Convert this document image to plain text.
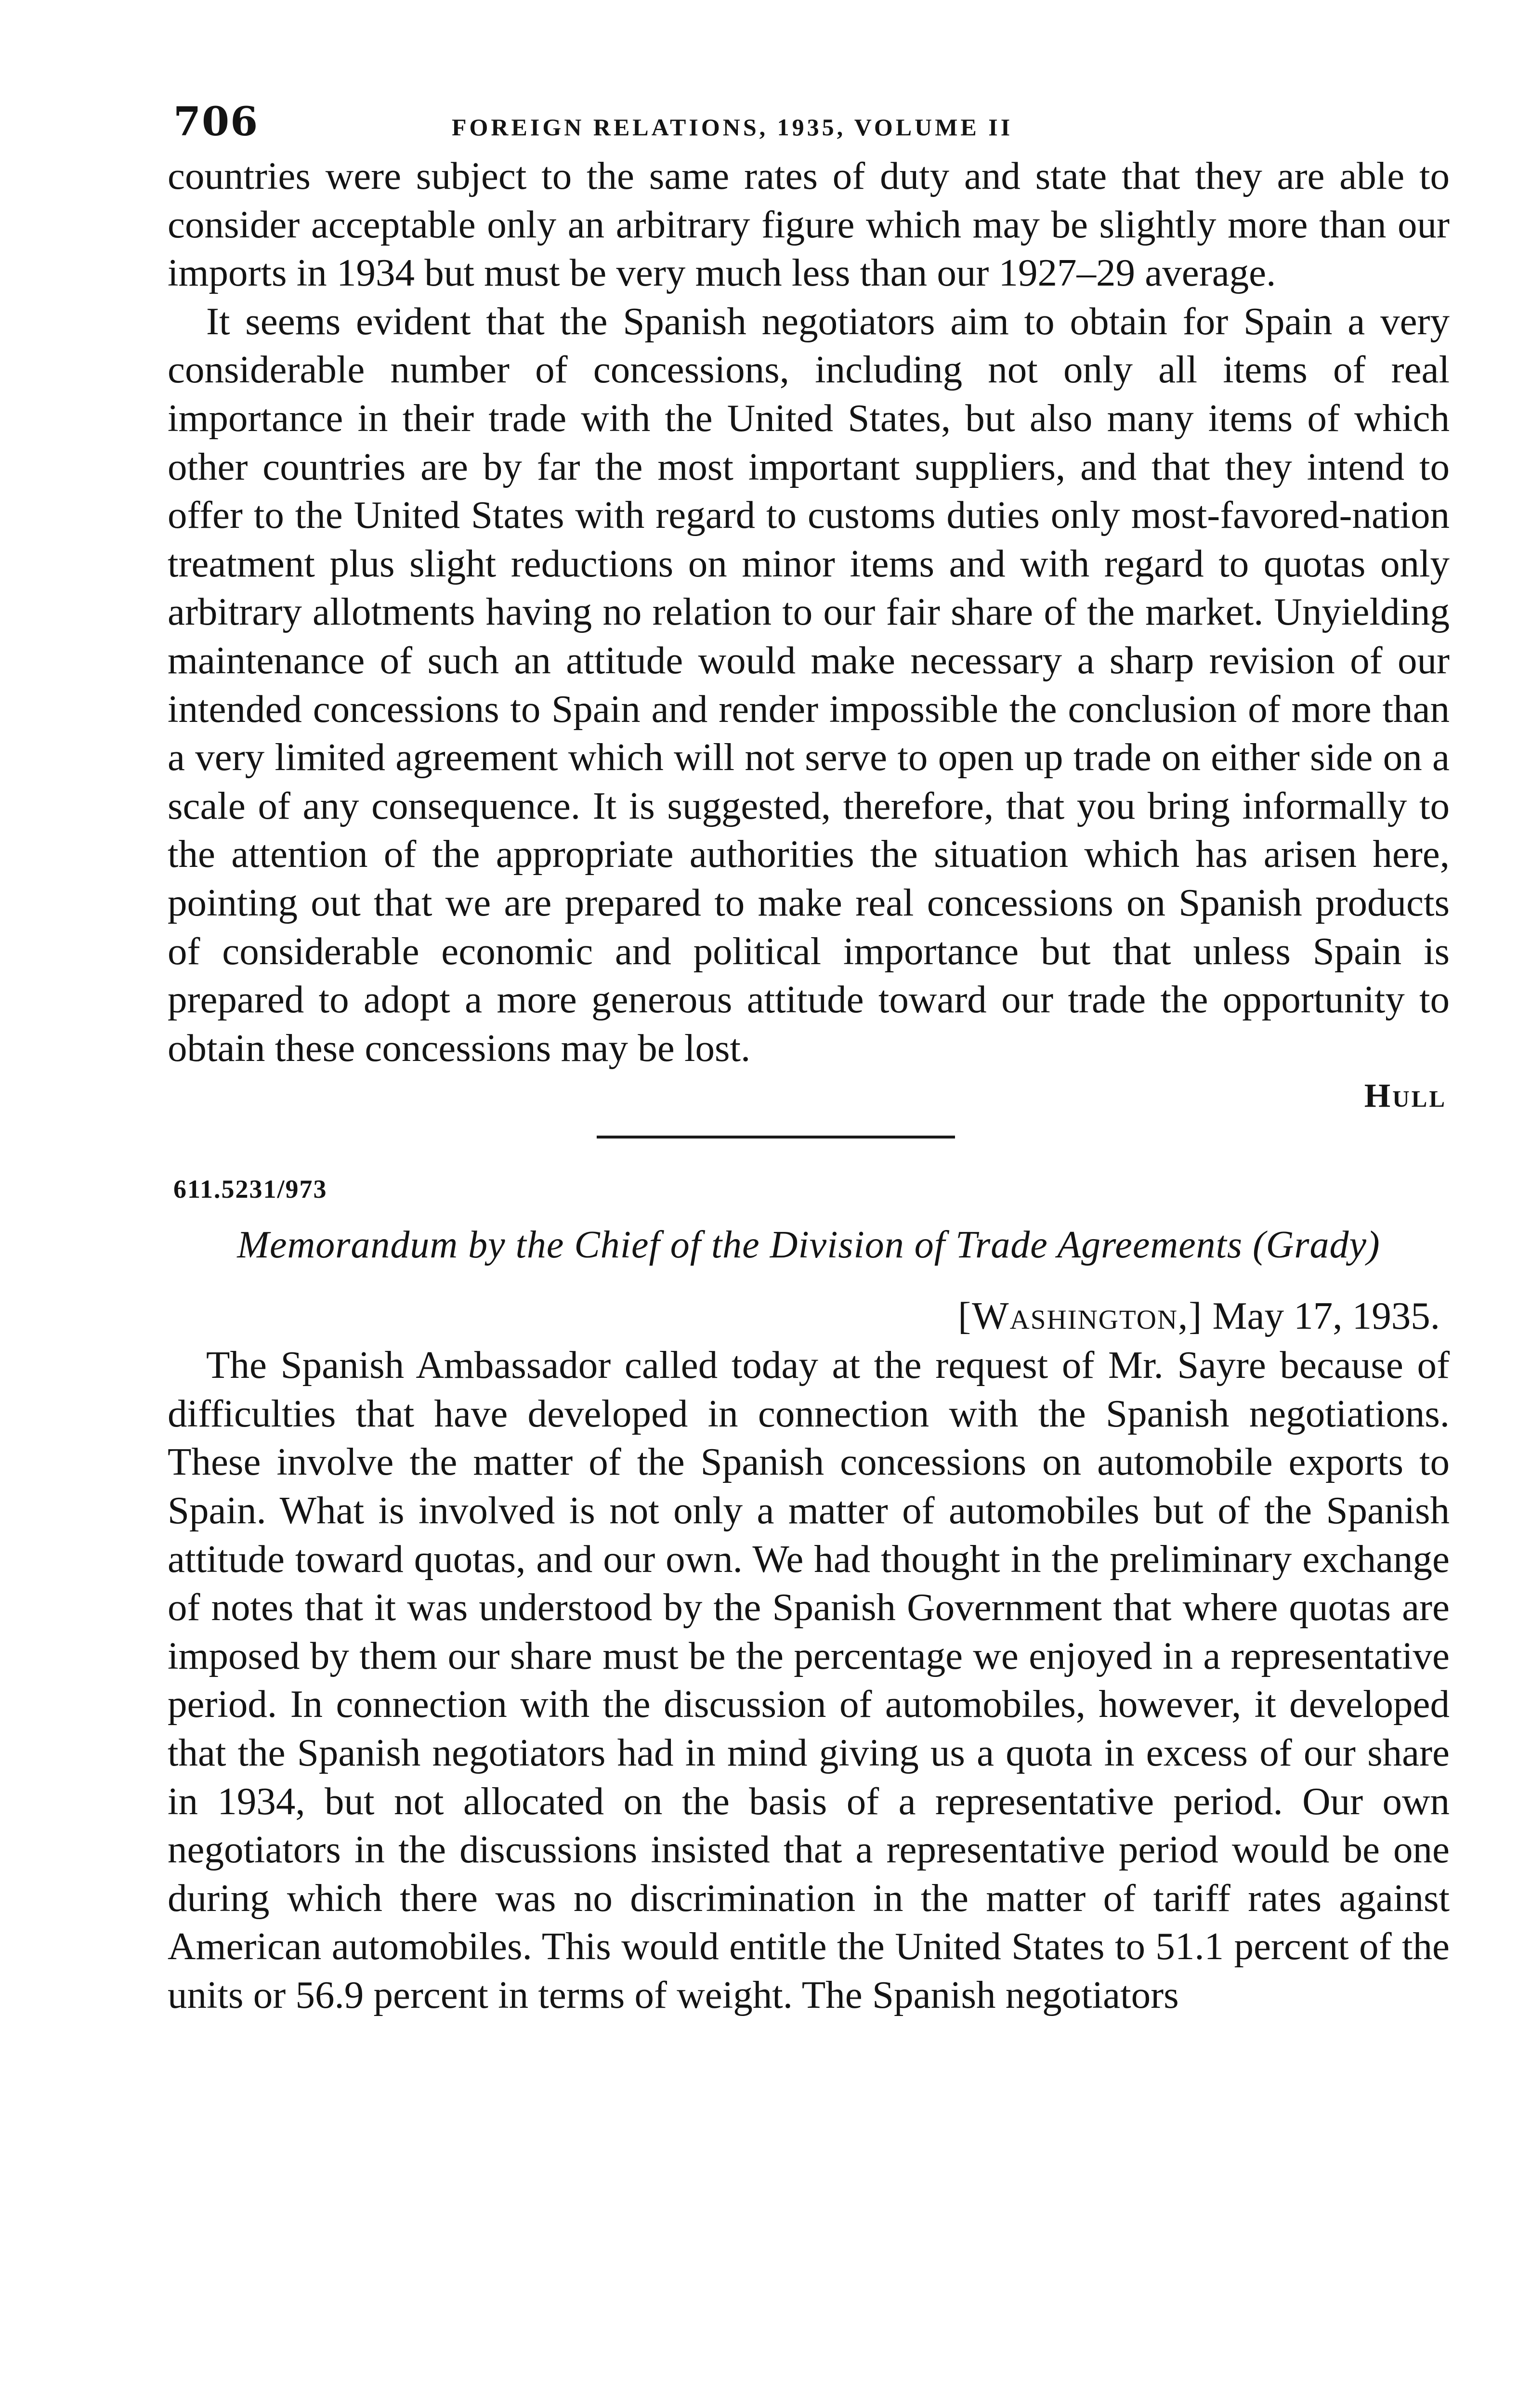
706	FOREIGN RELATIONS, 1935, VOLUME II

countries were subject to the same rates of duty and state that they are able to consider acceptable only an arbitrary figure which may be slightly more than our imports in 1934 but must be very much less than our 1927–29 average.

It seems evident that the Spanish negotiators aim to obtain for Spain a very considerable number of concessions, including not only all items of real importance in their trade with the United States, but also many items of which other countries are by far the most important suppliers, and that they intend to offer to the United States with regard to customs duties only most-favored-nation treatment plus slight reductions on minor items and with regard to quotas only arbitrary allotments having no relation to our fair share of the market. Unyielding maintenance of such an attitude would make necessary a sharp revision of our intended concessions to Spain and render impossible the conclusion of more than a very limited agreement which will not serve to open up trade on either side on a scale of any consequence. It is suggested, therefore, that you bring informally to the attention of the appropriate authorities the situation which has arisen here, pointing out that we are prepared to make real concessions on Spanish products of considerable economic and political importance but that unless Spain is prepared to adopt a more generous attitude toward our trade the opportunity to obtain these concessions may be lost.

Hull

611.5231/973
Memorandum by the Chief of the Division of Trade Agreements (Grady)
[Washington,] May 17, 1935.

The Spanish Ambassador called today at the request of Mr. Sayre because of difficulties that have developed in connection with the Spanish negotiations. These involve the matter of the Spanish concessions on automobile exports to Spain. What is involved is not only a matter of automobiles but of the Spanish attitude toward quotas, and our own. We had thought in the preliminary exchange of notes that it was understood by the Spanish Government that where quotas are imposed by them our share must be the percentage we enjoyed in a representative period. In connection with the discussion of automobiles, however, it developed that the Spanish negotiators had in mind giving us a quota in excess of our share in 1934, but not allocated on the basis of a representative period. Our own negotiators in the discussions insisted that a representative period would be one during which there was no discrimination in the matter of tariff rates against American automobiles. This would entitle the United States to 51.1 percent of the units or 56.9 percent in terms of weight. The Spanish negotiators
